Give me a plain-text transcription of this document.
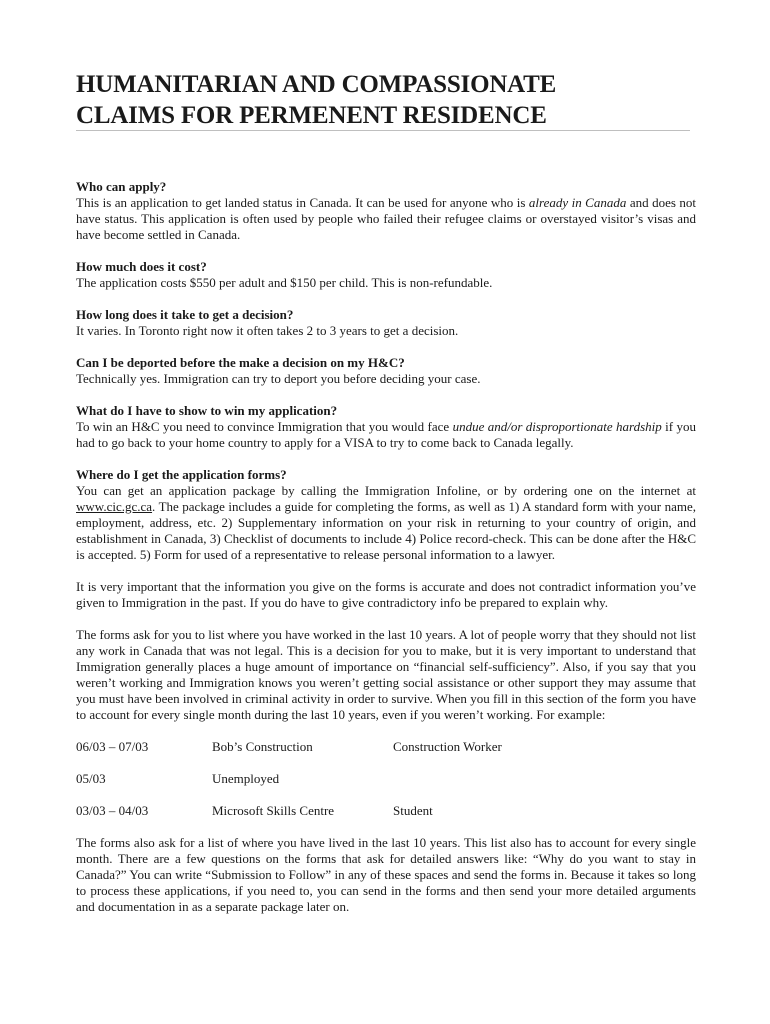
HUMANITARIAN AND COMPASSIONATE
CLAIMS FOR PERMENENT RESIDENCE

Who can apply?

This is an application to get landed status in Canada. It can be used for anyone who is already in Canada and does not have status. This application is often used by people who failed their refugee claims or overstayed visitor’s visas and have become settled in Canada.

How much does it cost?

The application costs $550 per adult and $150 per child. This is non-refundable.

How long does it take to get a decision?

It varies. In Toronto right now it often takes 2 to 3 years to get a decision.

Can I be deported before the make a decision on my H&C?

Technically yes. Immigration can try to deport you before deciding your case.

What do I have to show to win my application?

To win an H&C you need to convince Immigration that you would face undue and/or disproportionate hardship if you had to go back to your home country to apply for a VISA to try to come back to Canada legally.

Where do I get the application forms?

You can get an application package by calling the Immigration Infoline, or by ordering one on the internet at www.cic.gc.ca. The package includes a guide for completing the forms, as well as 1) A standard form with your name, employment, address, etc. 2) Supplementary information on your risk in returning to your country of origin, and establishment in Canada, 3) Checklist of documents to include 4) Police record-check. This can be done after the H&C is accepted. 5) Form for used of a representative to release personal information to a lawyer.

It is very important that the information you give on the forms is accurate and does not contradict information you’ve given to Immigration in the past. If you do have to give contradictory info be prepared to explain why.

The forms ask for you to list where you have worked in the last 10 years. A lot of people worry that they should not list any work in Canada that was not legal. This is a decision for you to make, but it is very important to understand that Immigration generally places a huge amount of importance on “financial self-sufficiency”. Also, if you say that you weren’t working and Immigration knows you weren’t getting social assistance or other support they may assume that you must have been involved in criminal activity in order to survive. When you fill in this section of the form you have to account for every single month during the last 10 years, even if you weren’t working. For example:

06/03 – 07/03	Bob’s Construction	Construction Worker
05/03	Unemployed
03/03 – 04/03	Microsoft Skills Centre	Student

The forms also ask for a list of where you have lived in the last 10 years. This list also has to account for every single month. There are a few questions on the forms that ask for detailed answers like: “Why do you want to stay in Canada?” You can write “Submission to Follow” in any of these spaces and send the forms in. Because it takes so long to process these applications, if you need to, you can send in the forms and then send your more detailed arguments and documentation in as a separate package later on.
